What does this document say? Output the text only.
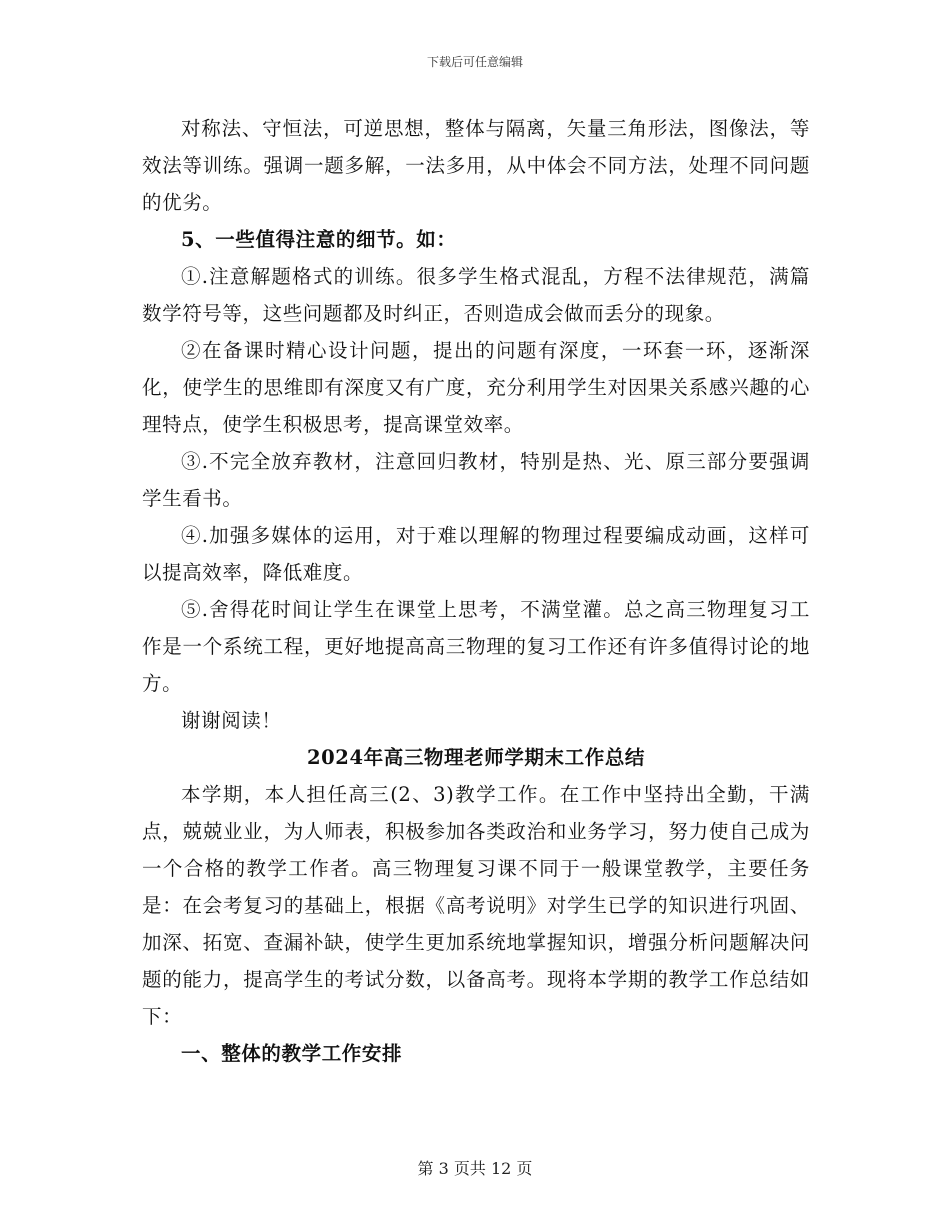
下载后可任意编辑

对称法、守恒法，可逆思想，整体与隔离，矢量三角形法，图像法，等效法等训练。强调一题多解，一法多用，从中体会不同方法，处理不同问题的优劣。

5、一些值得注意的细节。如：

①.注意解题格式的训练。很多学生格式混乱，方程不法律规范，满篇数学符号等，这些问题都及时纠正，否则造成会做而丢分的现象。

②在备课时精心设计问题，提出的问题有深度，一环套一环，逐渐深化，使学生的思维即有深度又有广度，充分利用学生对因果关系感兴趣的心理特点，使学生积极思考，提高课堂效率。

③.不完全放弃教材，注意回归教材，特别是热、光、原三部分要强调学生看书。

④.加强多媒体的运用，对于难以理解的物理过程要编成动画，这样可以提高效率，降低难度。

⑤.舍得花时间让学生在课堂上思考，不满堂灌。总之高三物理复习工作是一个系统工程，更好地提高高三物理的复习工作还有许多值得讨论的地方。

谢谢阅读！

2024年高三物理老师学期末工作总结

本学期，本人担任高三(2、3)教学工作。在工作中坚持出全勤，干满点，兢兢业业，为人师表，积极参加各类政治和业务学习，努力使自己成为一个合格的教学工作者。高三物理复习课不同于一般课堂教学，主要任务是：在会考复习的基础上，根据《高考说明》对学生已学的知识进行巩固、加深、拓宽、查漏补缺，使学生更加系统地掌握知识，增强分析问题解决问题的能力，提高学生的考试分数，以备高考。现将本学期的教学工作总结如下：

一、整体的教学工作安排

第 3 页共 12 页
